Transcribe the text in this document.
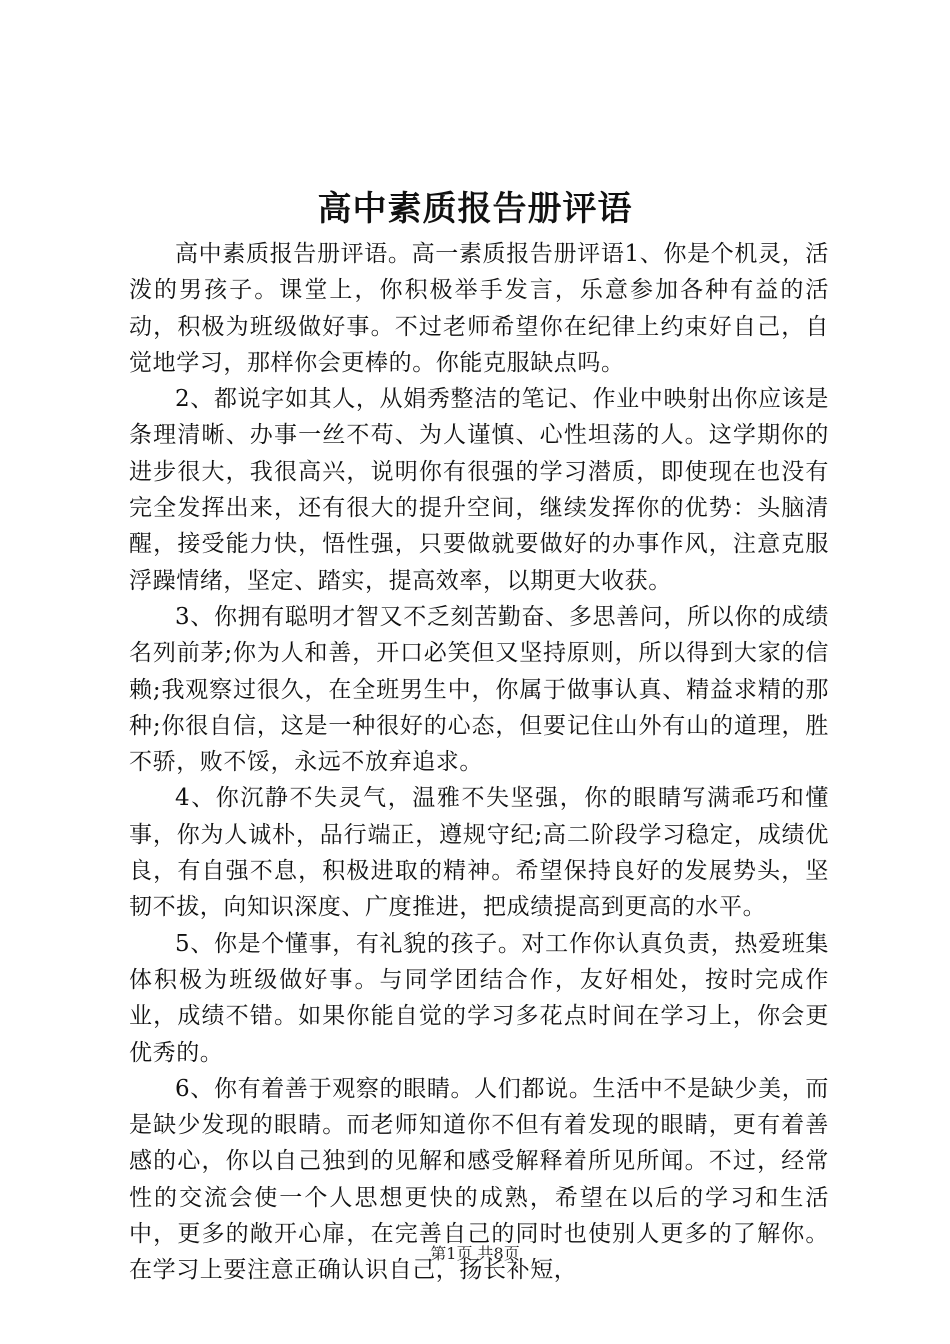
高中素质报告册评语

高中素质报告册评语。高一素质报告册评语1、你是个机灵，活泼的男孩子。课堂上，你积极举手发言，乐意参加各种有益的活动，积极为班级做好事。不过老师希望你在纪律上约束好自己，自觉地学习，那样你会更棒的。你能克服缺点吗。

2、都说字如其人，从娟秀整洁的笔记、作业中映射出你应该是条理清晰、办事一丝不苟、为人谨慎、心性坦荡的人。这学期你的进步很大，我很高兴，说明你有很强的学习潜质，即使现在也没有完全发挥出来，还有很大的提升空间，继续发挥你的优势：头脑清醒，接受能力快，悟性强，只要做就要做好的办事作风，注意克服浮躁情绪，坚定、踏实，提高效率，以期更大收获。

3、你拥有聪明才智又不乏刻苦勤奋、多思善问，所以你的成绩名列前茅;你为人和善，开口必笑但又坚持原则，所以得到大家的信赖;我观察过很久，在全班男生中，你属于做事认真、精益求精的那种;你很自信，这是一种很好的心态，但要记住山外有山的道理，胜不骄，败不馁，永远不放弃追求。

4、你沉静不失灵气，温雅不失坚强，你的眼睛写满乖巧和懂事，你为人诚朴，品行端正，遵规守纪;高二阶段学习稳定，成绩优良，有自强不息，积极进取的精神。希望保持良好的发展势头，坚韧不拔，向知识深度、广度推进，把成绩提高到更高的水平。

5、你是个懂事，有礼貌的孩子。对工作你认真负责，热爱班集体积极为班级做好事。与同学团结合作，友好相处，按时完成作业，成绩不错。如果你能自觉的学习多花点时间在学习上，你会更优秀的。

6、你有着善于观察的眼睛。人们都说。生活中不是缺少美，而是缺少发现的眼睛。而老师知道你不但有着发现的眼睛，更有着善感的心，你以自己独到的见解和感受解释着所见所闻。不过，经常性的交流会使一个人思想更快的成熟，希望在以后的学习和生活中，更多的敞开心扉，在完善自己的同时也使别人更多的了解你。在学习上要注意正确认识自己，扬长补短，

第1页 共8页
